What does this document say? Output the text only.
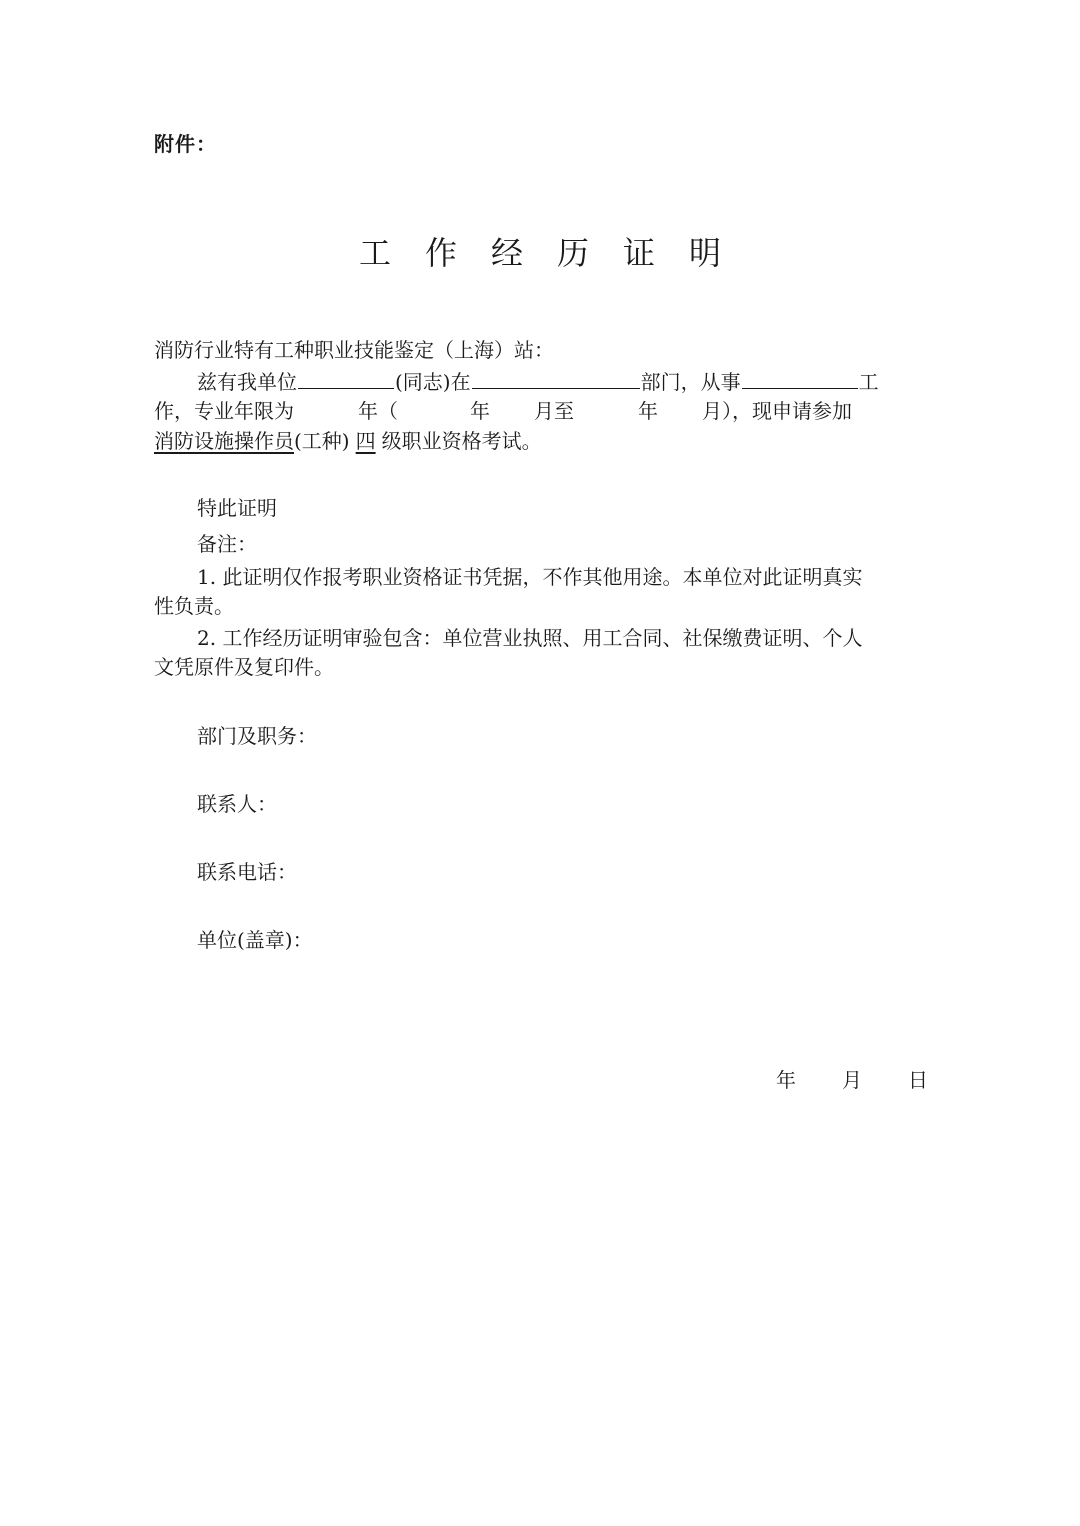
附件：
工作经历证明
消防行业特有工种职业技能鉴定（上海）站：
兹有我单位	(同志)在	部门，从事	工
作，专业年限为	年（	年 月至	年 月），现申请参加
消防设施操作员(工种) 四 级职业资格考试。
特此证明
备注：
1. 此证明仅作报考职业资格证书凭据，不作其他用途。本单位对此证明真实
性负责。
2. 工作经历证明审验包含：单位营业执照、用工合同、社保缴费证明、个人
文凭原件及复印件。
部门及职务：
联系人：
联系电话：
单位(盖章)：
年 月 日
